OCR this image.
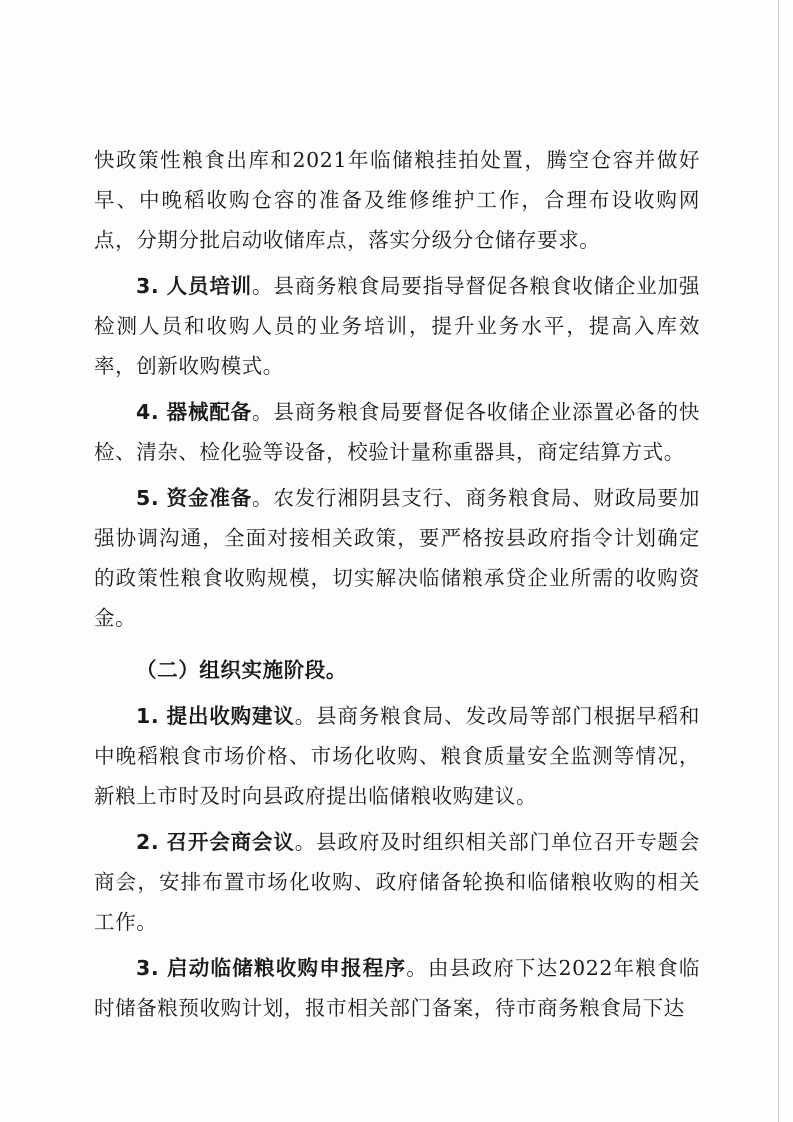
快政策性粮食出库和2021年临储粮挂拍处置，腾空仓容并做好早、中晚稻收购仓容的准备及维修维护工作，合理布设收购网点，分期分批启动收储库点，落实分级分仓储存要求。

3. 人员培训。县商务粮食局要指导督促各粮食收储企业加强检测人员和收购人员的业务培训，提升业务水平，提高入库效率，创新收购模式。

4. 器械配备。县商务粮食局要督促各收储企业添置必备的快检、清杂、检化验等设备，校验计量称重器具，商定结算方式。

5. 资金准备。农发行湘阴县支行、商务粮食局、财政局要加强协调沟通，全面对接相关政策，要严格按县政府指令计划确定的政策性粮食收购规模，切实解决临储粮承贷企业所需的收购资金。

（二）组织实施阶段。

1. 提出收购建议。县商务粮食局、发改局等部门根据早稻和中晚稻粮食市场价格、市场化收购、粮食质量安全监测等情况，新粮上市时及时向县政府提出临储粮收购建议。

2. 召开会商会议。县政府及时组织相关部门单位召开专题会商会，安排布置市场化收购、政府储备轮换和临储粮收购的相关工作。

3. 启动临储粮收购申报程序。由县政府下达2022年粮食临时储备粮预收购计划，报市相关部门备案，待市商务粮食局下达
